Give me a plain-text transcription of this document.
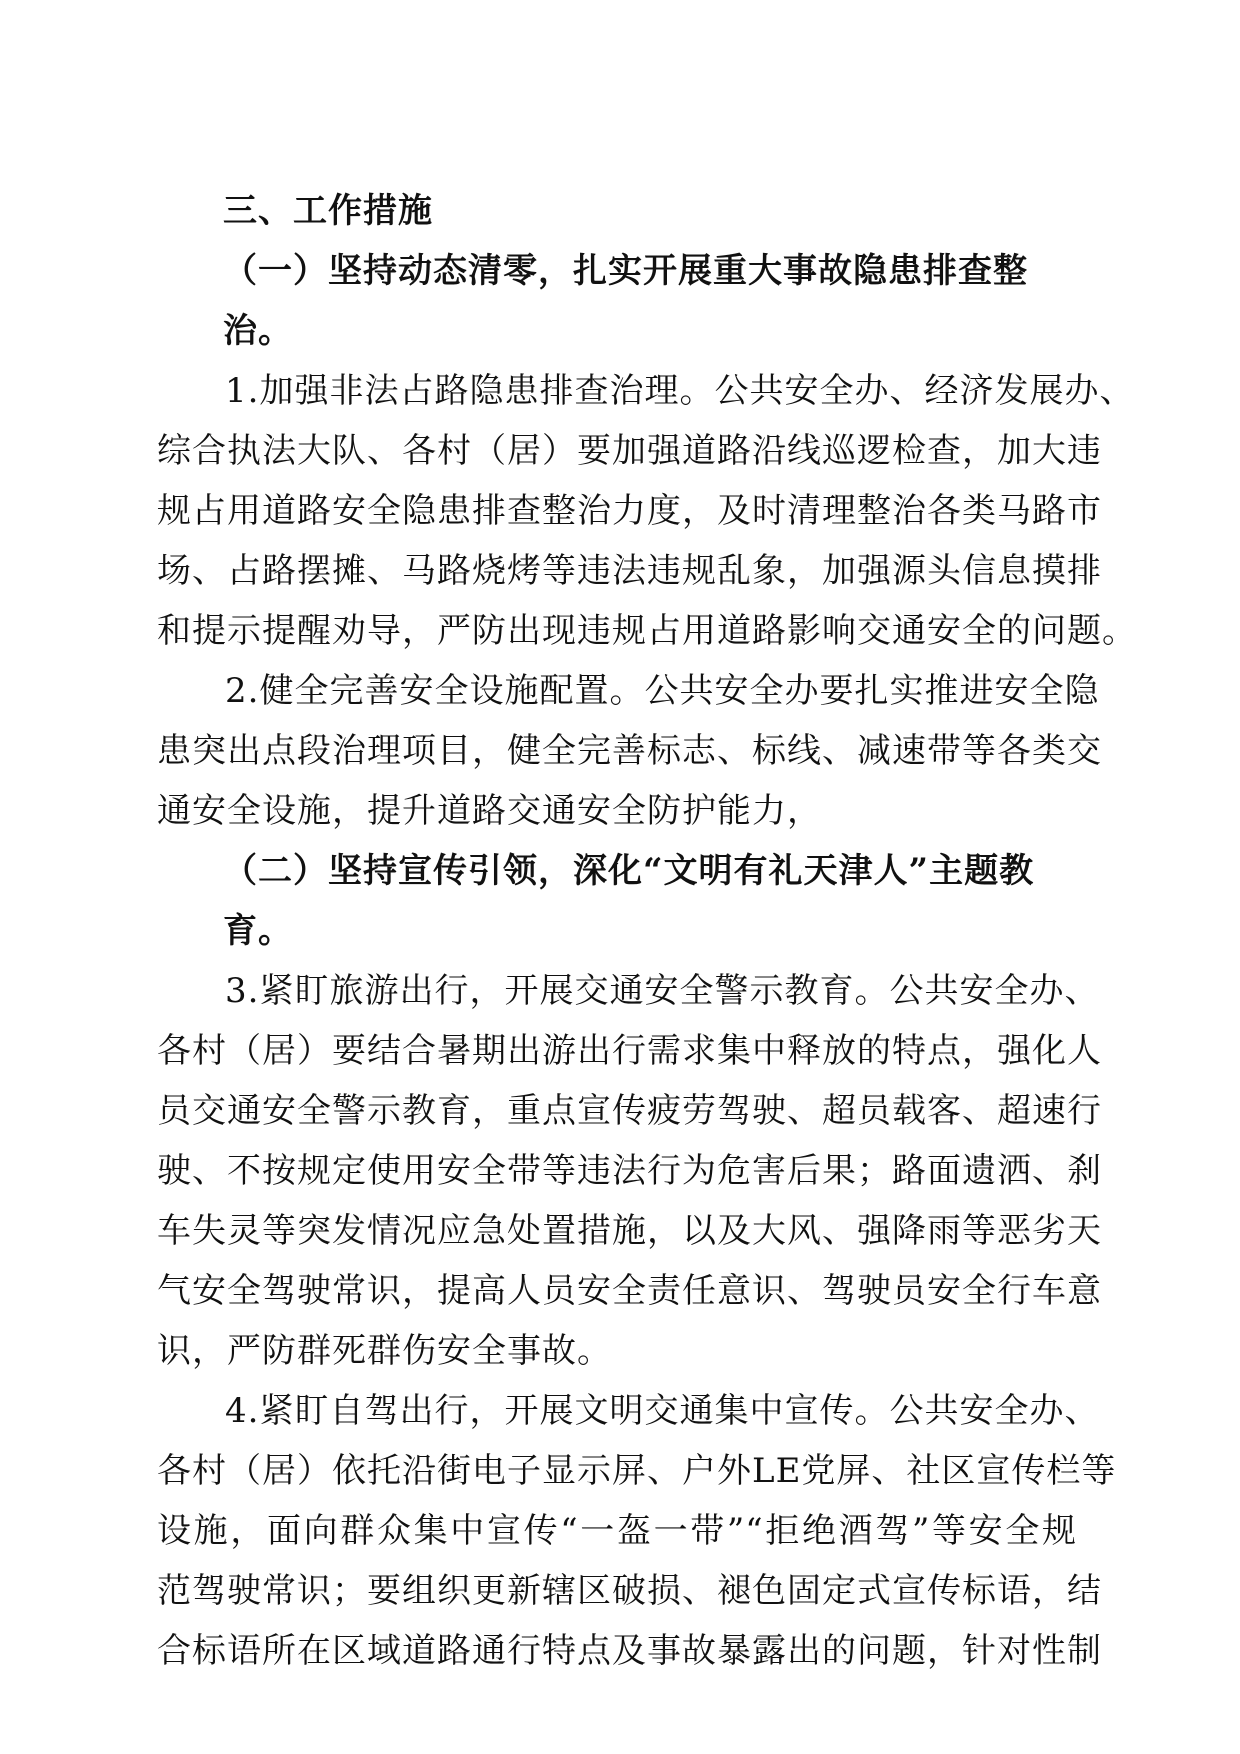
三、工作措施

（一）坚持动态清零，扎实开展重大事故隐患排查整治。

1.加强非法占路隐患排查治理。公共安全办、经济发展办、
综合执法大队、各村（居）要加强道路沿线巡逻检查，加大违
规占用道路安全隐患排查整治力度，及时清理整治各类马路市
场、占路摆摊、马路烧烤等违法违规乱象，加强源头信息摸排
和提示提醒劝导，严防出现违规占用道路影响交通安全的问题。
2.健全完善安全设施配置。公共安全办要扎实推进安全隐
患突出点段治理项目，健全完善标志、标线、减速带等各类交
通安全设施，提升道路交通安全防护能力，

（二）坚持宣传引领，深化“文明有礼天津人”主题教育。

3.紧盯旅游出行，开展交通安全警示教育。公共安全办、
各村（居）要结合暑期出游出行需求集中释放的特点，强化人
员交通安全警示教育，重点宣传疲劳驾驶、超员载客、超速行
驶、不按规定使用安全带等违法行为危害后果；路面遗洒、刹
车失灵等突发情况应急处置措施，以及大风、强降雨等恶劣天
气安全驾驶常识，提高人员安全责任意识、驾驶员安全行车意
识，严防群死群伤安全事故。
4.紧盯自驾出行，开展文明交通集中宣传。公共安全办、
各村（居）依托沿街电子显示屏、户外LE党屏、社区宣传栏等
设施，面向群众集中宣传“一盔一带”“拒绝酒驾”等安全规
范驾驶常识；要组织更新辖区破损、褪色固定式宣传标语，结
合标语所在区域道路通行特点及事故暴露出的问题，针对性制
